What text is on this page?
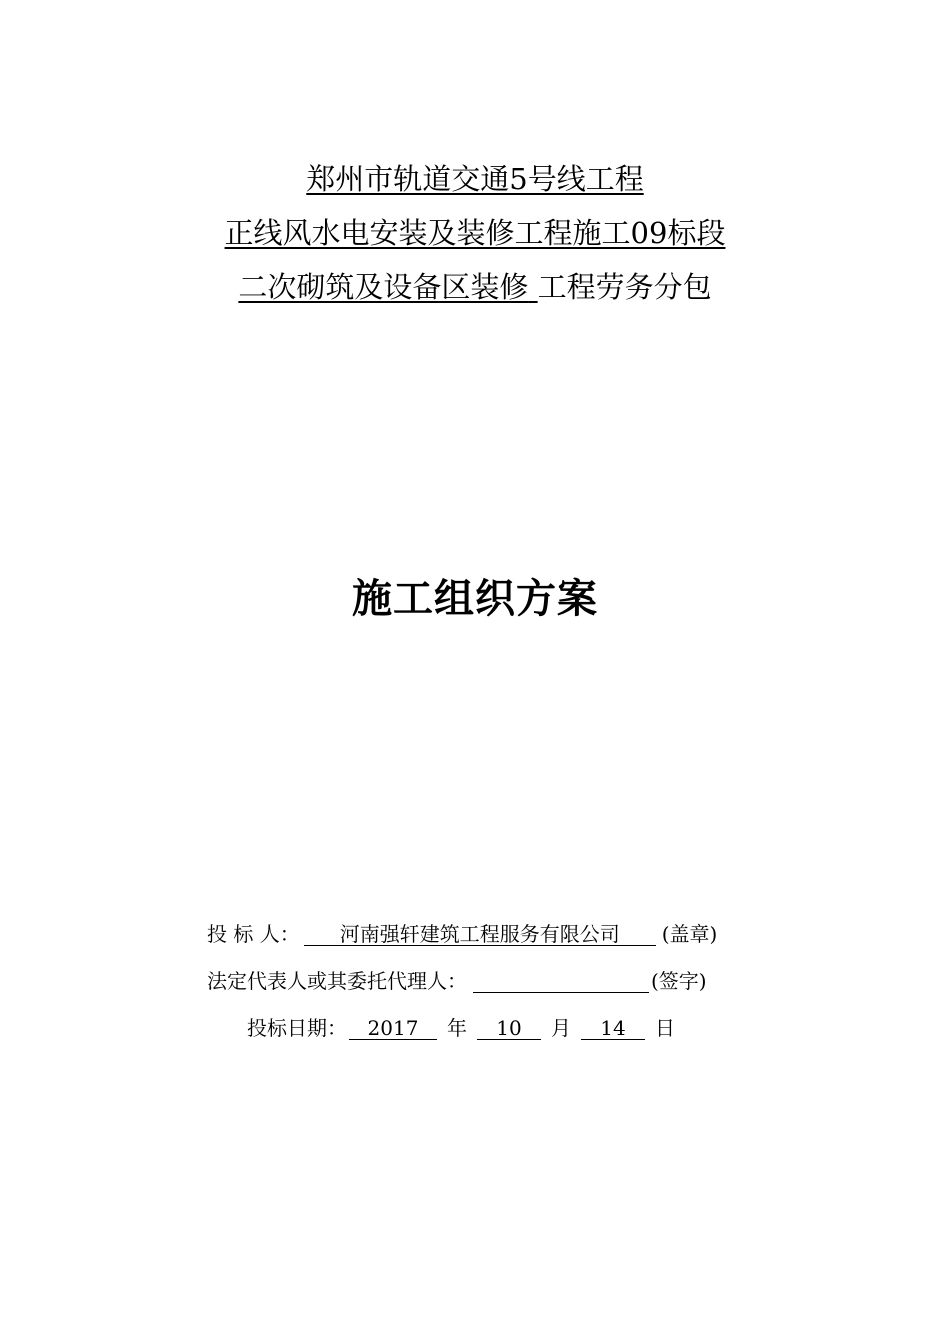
郑州市轨道交通5号线工程
正线风水电安装及装修工程施工09标段
二次砌筑及设备区装修 工程劳务分包
施工组织方案
投 标 人： 河南强轩建筑工程服务有限公司 (盖章)
法定代表人或其委托代理人：	(签字)
投标日期： 2017 年 10 月 14 日
